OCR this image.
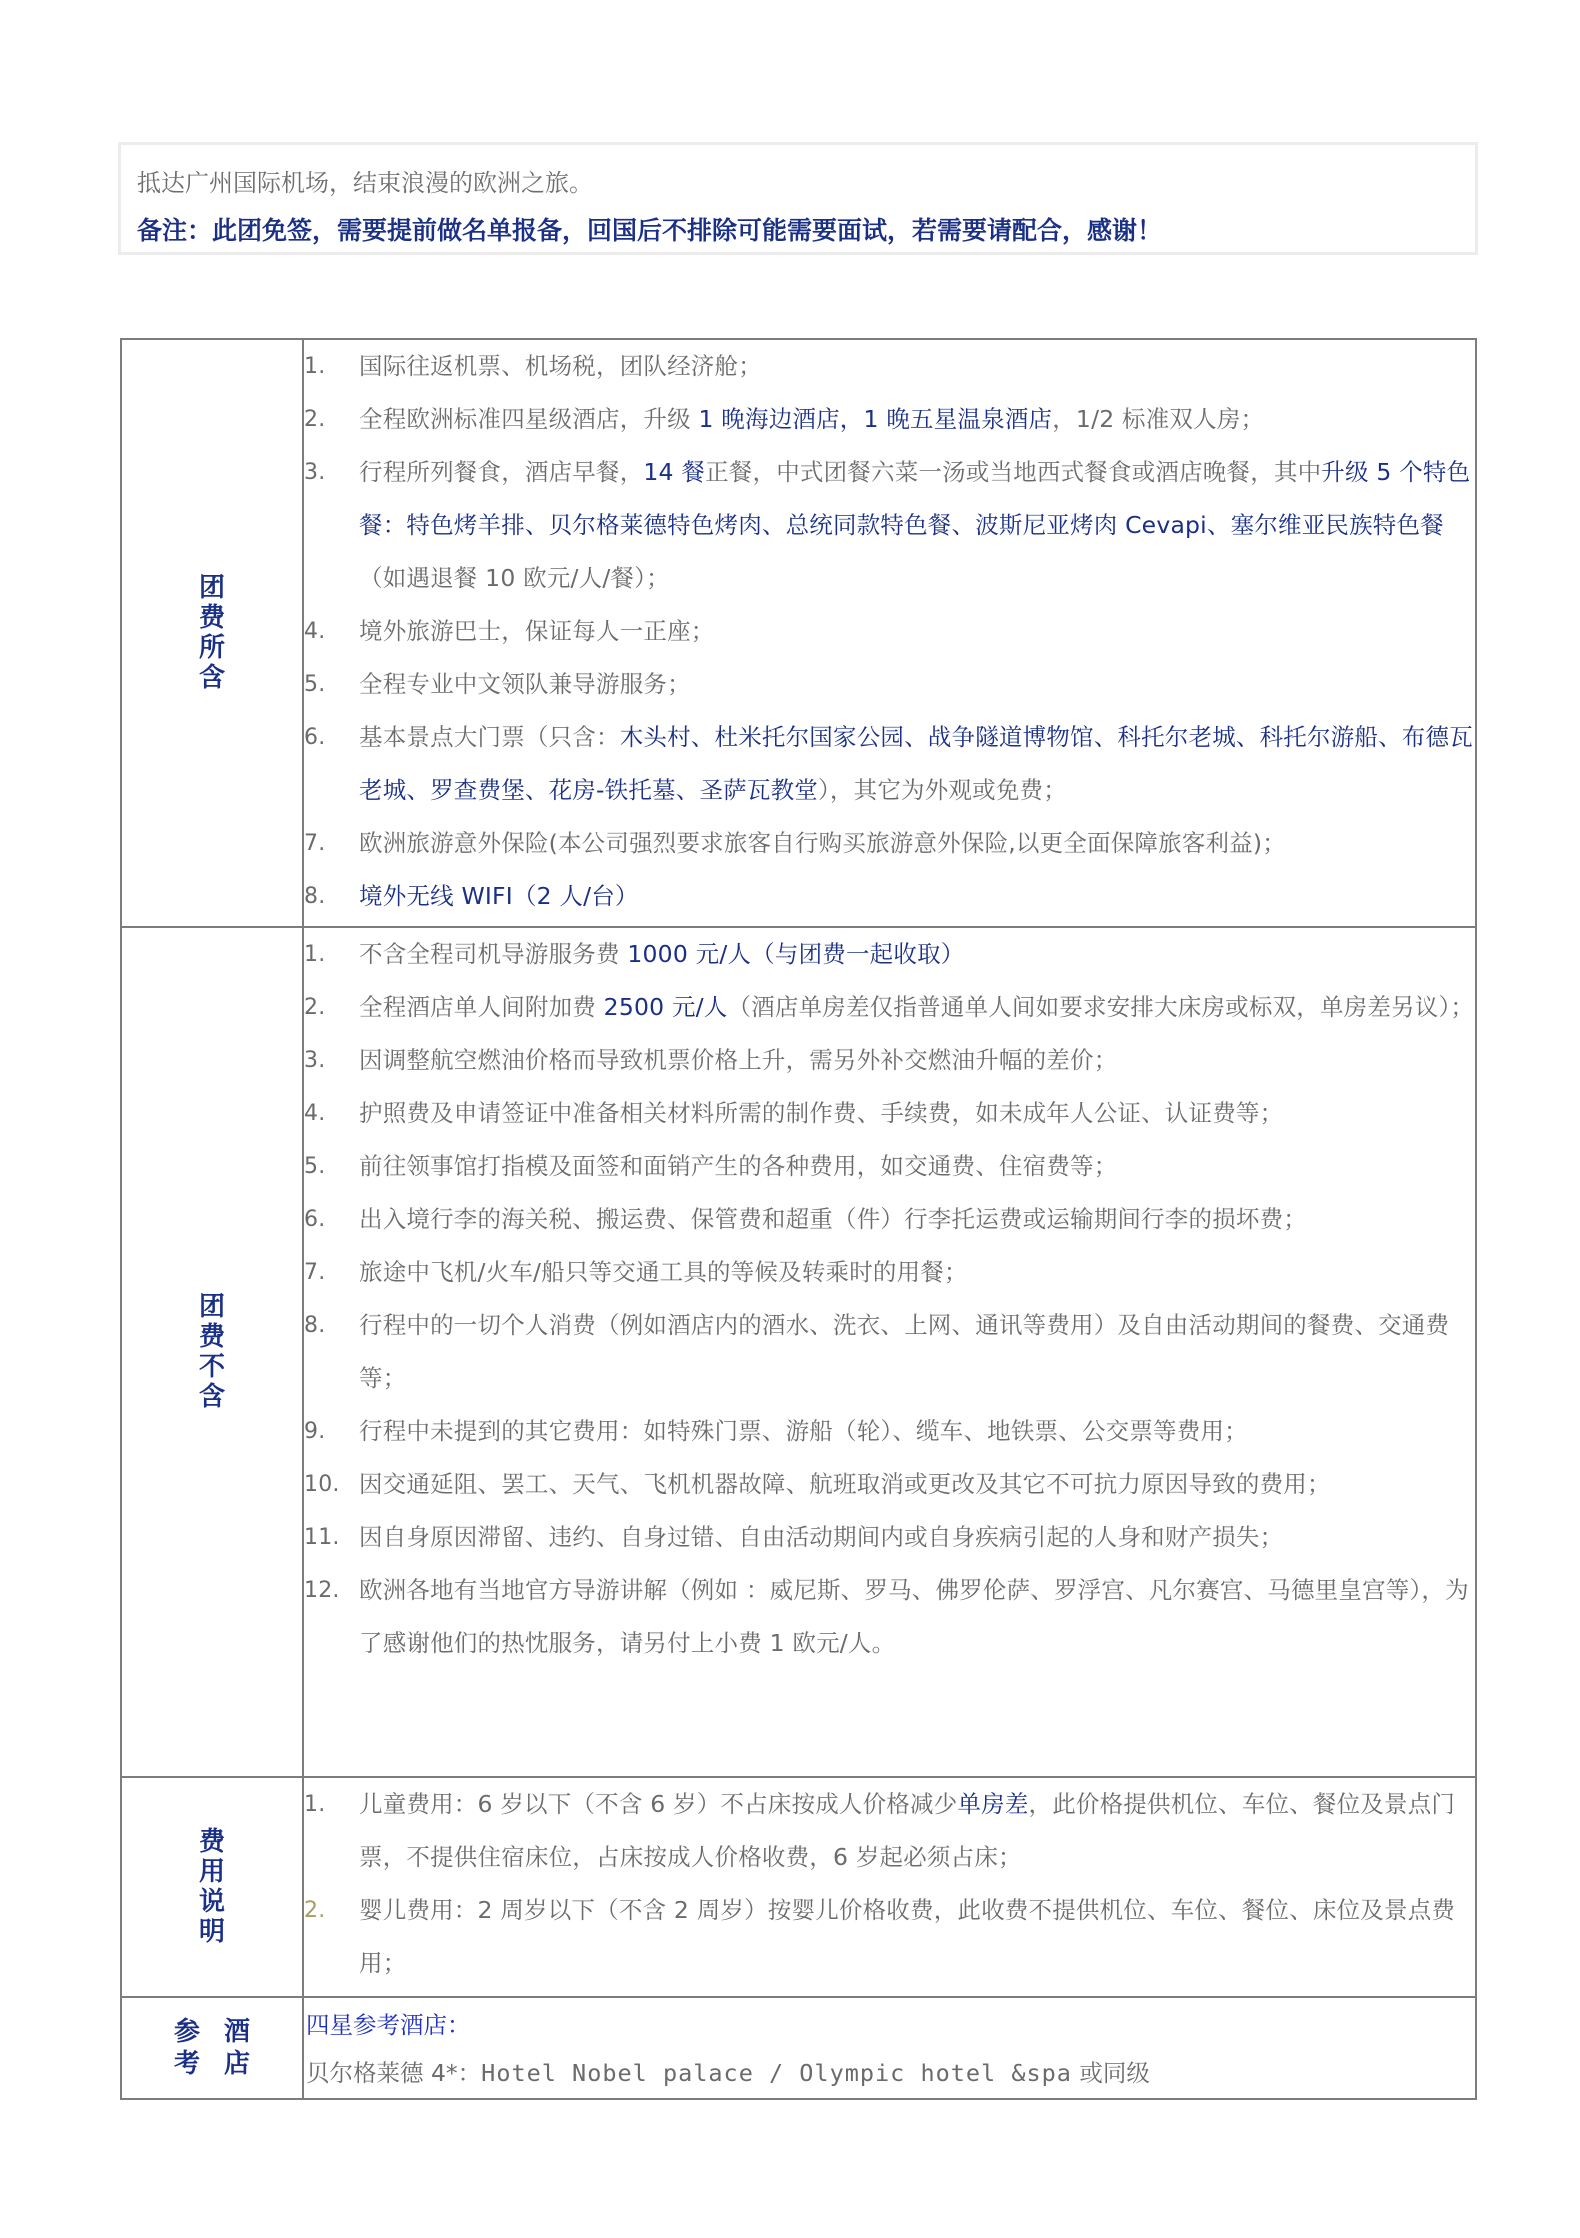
抵达广州国际机场，结束浪漫的欧洲之旅。
备注：此团免签，需要提前做名单报备，回国后不排除可能需要面试，若需要请配合，感谢！
团费所含	
1. 国际往返机票、机场税，团队经济舱；
2. 全程欧洲标准四星级酒店，升级 1 晚海边酒店，1 晚五星温泉酒店，1/2 标准双人房；
3. 行程所列餐食，酒店早餐，14 餐正餐，中式团餐六菜一汤或当地西式餐食或酒店晚餐，其中升级 5 个特色餐：特色烤羊排、贝尔格莱德特色烤肉、总统同款特色餐、波斯尼亚烤肉 Cevapi、塞尔维亚民族特色餐（如遇退餐 10 欧元/人/餐）；
4. 境外旅游巴士，保证每人一正座；
5. 全程专业中文领队兼导游服务；
6. 基本景点大门票（只含：木头村、杜米托尔国家公园、战争隧道博物馆、科托尔老城、科托尔游船、布德瓦老城、罗查费堡、花房-铁托墓、圣萨瓦教堂），其它为外观或免费；
7. 欧洲旅游意外保险(本公司强烈要求旅客自行购买旅游意外保险,以更全面保障旅客利益)；
8. 境外无线 WIFI（2 人/台）

团费不含	
1. 不含全程司机导游服务费 1000 元/人（与团费一起收取）
2. 全程酒店单人间附加费 2500 元/人（酒店单房差仅指普通单人间如要求安排大床房或标双，单房差另议）；
3. 因调整航空燃油价格而导致机票价格上升，需另外补交燃油升幅的差价；
4. 护照费及申请签证中准备相关材料所需的制作费、手续费，如未成年人公证、认证费等；
5. 前往领事馆打指模及面签和面销产生的各种费用，如交通费、住宿费等；
6. 出入境行李的海关税、搬运费、保管费和超重（件）行李托运费或运输期间行李的损坏费；
7. 旅途中飞机/火车/船只等交通工具的等候及转乘时的用餐；
8. 行程中的一切个人消费（例如酒店内的酒水、洗衣、上网、通讯等费用）及自由活动期间的餐费、交通费等；
9. 行程中未提到的其它费用：如特殊门票、游船（轮）、缆车、地铁票、公交票等费用；
10. 因交通延阻、罢工、天气、飞机机器故障、航班取消或更改及其它不可抗力原因导致的费用；
11. 因自身原因滞留、违约、自身过错、自由活动期间内或自身疾病引起的人身和财产损失；
12. 欧洲各地有当地官方导游讲解（例如 ：威尼斯、罗马、佛罗伦萨、罗浮宫、凡尔赛宫、马德里皇宫等），为了感谢他们的热忱服务，请另付上小费 1 欧元/人。

费用说明	
1. 儿童费用：6 岁以下（不含 6 岁）不占床按成人价格减少单房差，此价格提供机位、车位、餐位及景点门票，不提供住宿床位，占床按成人价格收费，6 岁起必须占床；
2. 婴儿费用：2 周岁以下（不含 2 周岁）按婴儿价格收费，此收费不提供机位、车位、餐位、床位及景点费用；

参考
酒店

四星参考酒店：
贝尔格莱德 4*：Hotel Nobel palace / Olympic hotel &spa 或同级
